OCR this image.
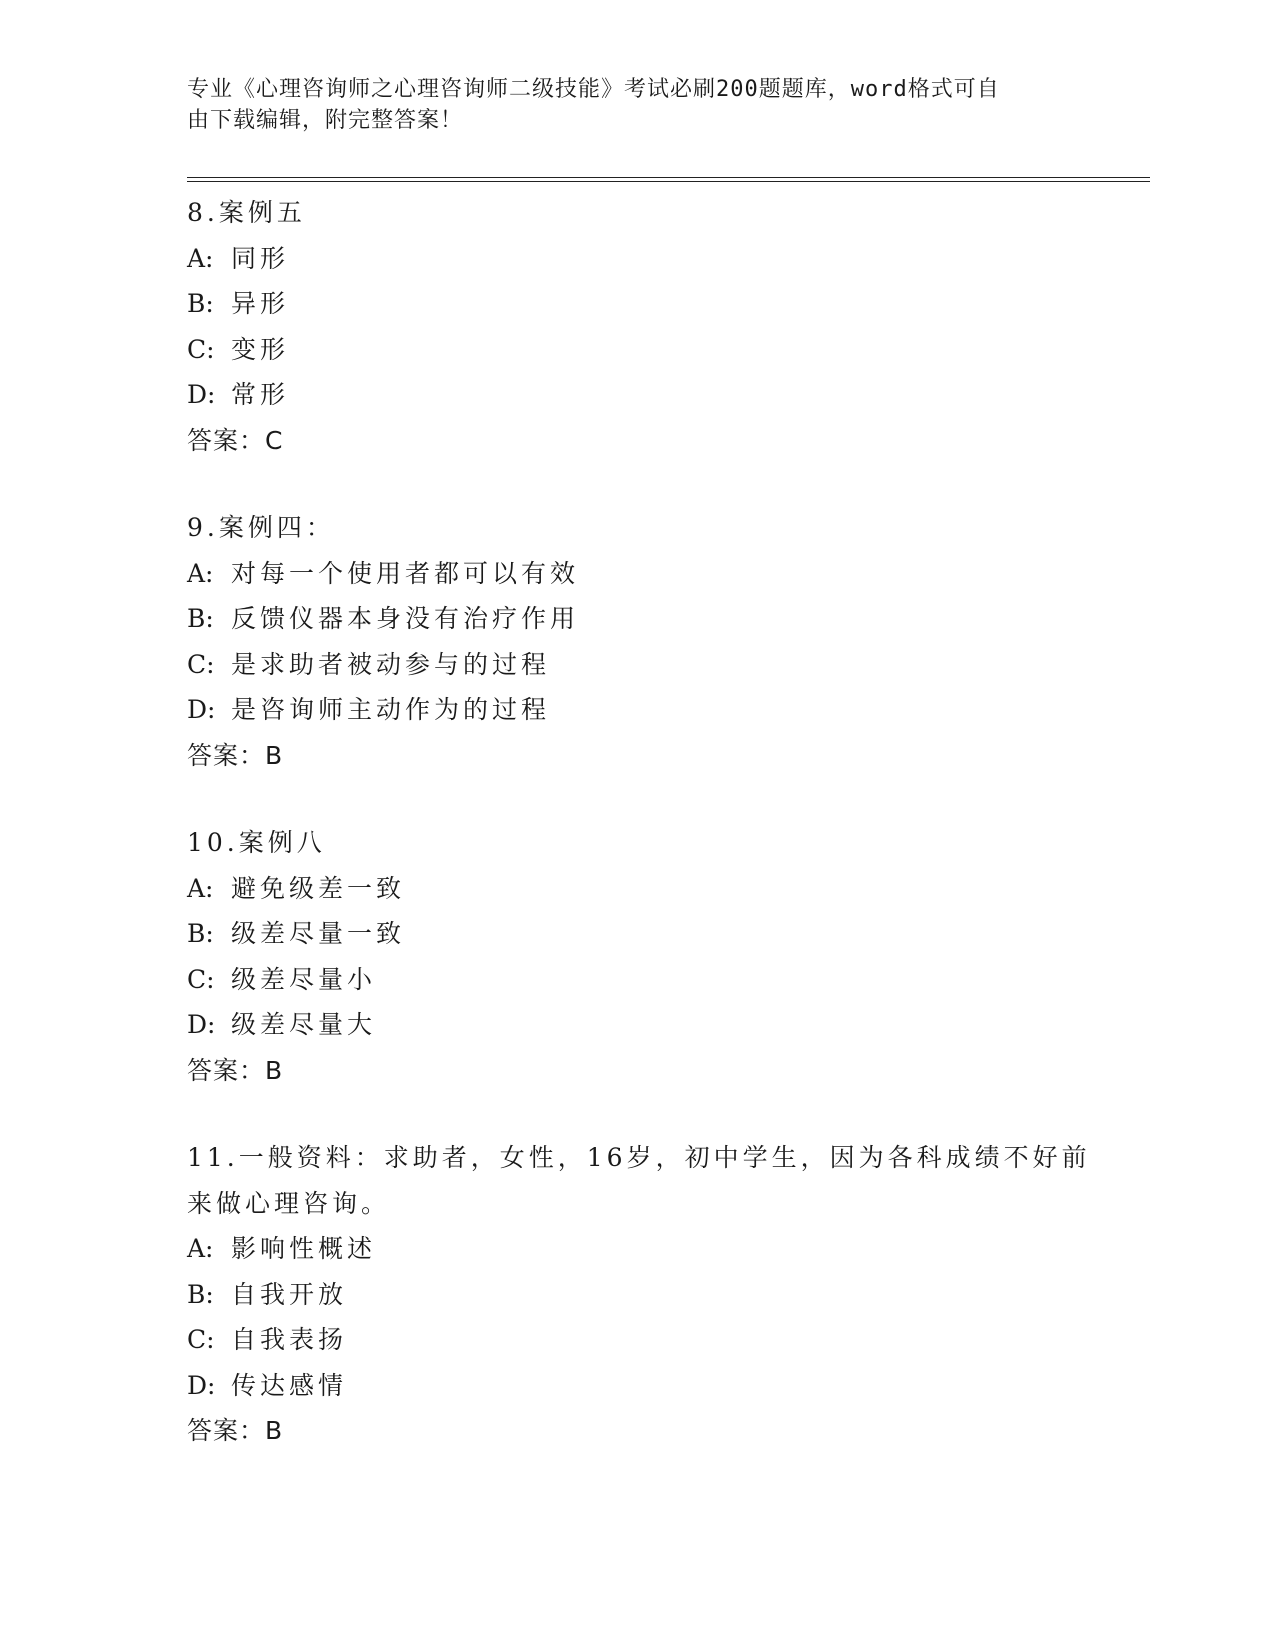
专业《心理咨询师之心理咨询师二级技能》考试必刷200题题库，word格式可自
由下载编辑，附完整答案！
8.案例五
A: 同形
B: 异形
C: 变形
D: 常形
答案：C
9.案例四：
A: 对每一个使用者都可以有效
B: 反馈仪器本身没有治疗作用
C: 是求助者被动参与的过程
D: 是咨询师主动作为的过程
答案：B
10.案例八
A: 避免级差一致
B: 级差尽量一致
C: 级差尽量小
D: 级差尽量大
答案：B
11.一般资料：求助者，女性，16岁，初中学生，因为各科成绩不好前
来做心理咨询。
A: 影响性概述
B: 自我开放
C: 自我表扬
D: 传达感情
答案：B
